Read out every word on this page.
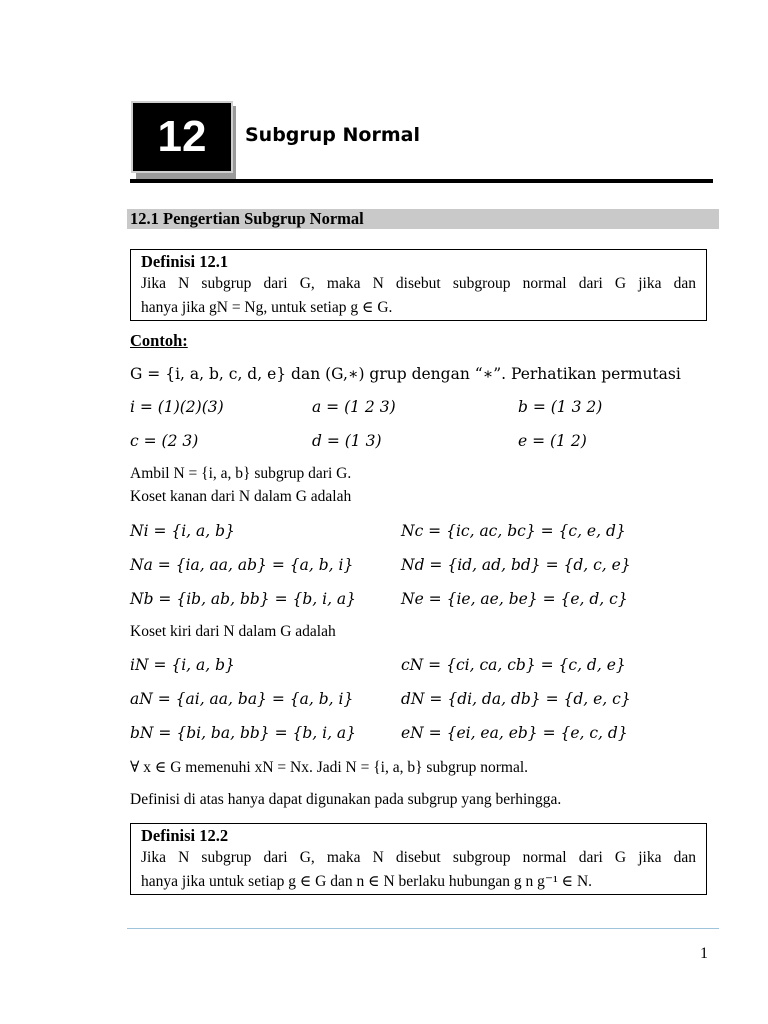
12	Subgrup Normal
12.1 Pengertian Subgrup Normal
Definisi 12.1
Jika N subgrup dari G, maka N disebut subgroup normal dari G jika dan
hanya jika gN = Ng, untuk setiap g ∈ G.
Contoh:
G = {i, a, b, c, d, e} dan (G,∗) grup dengan “∗”. Perhatikan permutasi
i = (1)(2)(3)	a = (1 2 3)	b = (1 3 2)
c = (2 3)	d = (1 3)	e = (1 2)
Ambil N = {i, a, b} subgrup dari G.
Koset kanan dari N dalam G adalah
Ni = {i, a, b}	Nc = {ic, ac, bc} = {c, e, d}
Na = {ia, aa, ab} = {a, b, i}	Nd = {id, ad, bd} = {d, c, e}
Nb = {ib, ab, bb} = {b, i, a}	Ne = {ie, ae, be} = {e, d, c}
Koset kiri dari N dalam G adalah
iN = {i, a, b}	cN = {ci, ca, cb} = {c, d, e}
aN = {ai, aa, ba} = {a, b, i}	dN = {di, da, db} = {d, e, c}
bN = {bi, ba, bb} = {b, i, a}	eN = {ei, ea, eb} = {e, c, d}
∀ x ∈ G memenuhi xN = Nx. Jadi N = {i, a, b} subgrup normal.
Definisi di atas hanya dapat digunakan pada subgrup yang berhingga.
Definisi 12.2
Jika N subgrup dari G, maka N disebut subgroup normal dari G jika dan
hanya jika untuk setiap g ∈ G dan n ∈ N berlaku hubungan g n g⁻¹ ∈ N.
1
